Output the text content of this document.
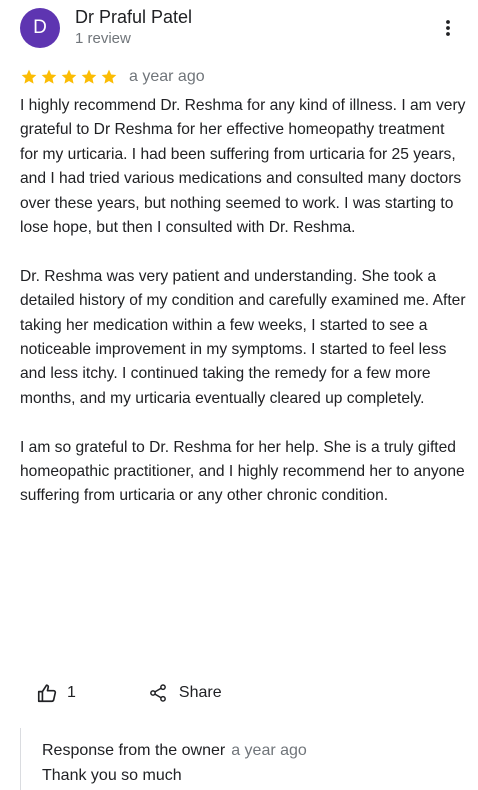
D Dr Praful Patel
1 review
a year ago

I highly recommend Dr. Reshma for any kind of illness. I am very grateful to Dr Reshma for her effective homeopathy treatment for my urticaria. I had been suffering from urticaria for 25 years, and I had tried various medications and consulted many doctors over these years, but nothing seemed to work. I was starting to lose hope, but then I consulted with Dr. Reshma.

Dr. Reshma was very patient and understanding. She took a detailed history of my condition and carefully examined me. After taking her medication within a few weeks, I started to see a noticeable improvement in my symptoms. I started to feel less and less itchy. I continued taking the remedy for a few more months, and my urticaria eventually cleared up completely.

I am so grateful to Dr. Reshma for her help. She is a truly gifted homeopathic practitioner, and I highly recommend her to anyone suffering from urticaria or any other chronic condition.

1	Share
Response from the owner a year ago
Thank you so much
